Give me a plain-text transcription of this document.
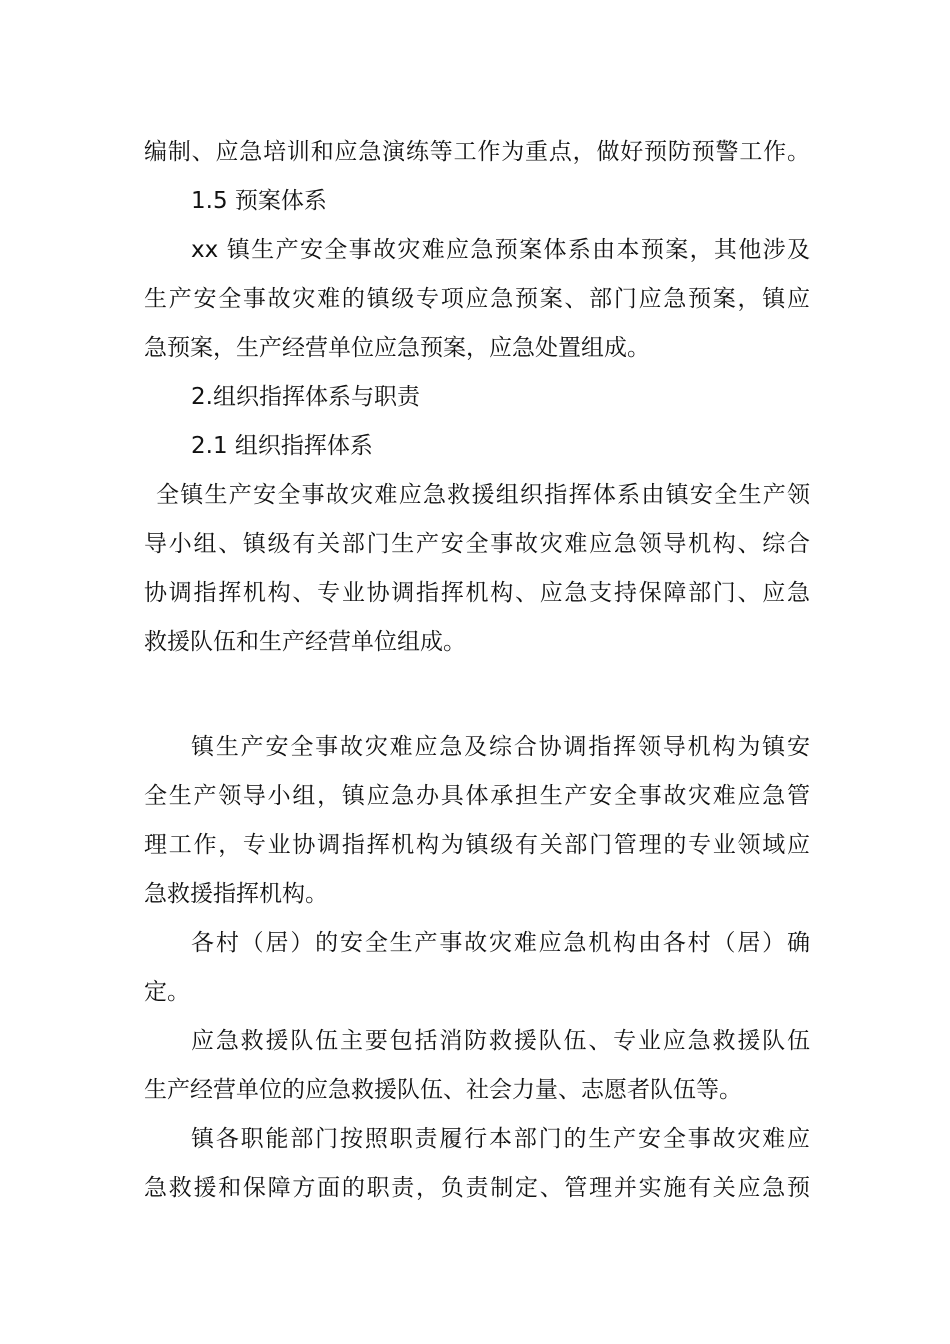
编制、应急培训和应急演练等工作为重点，做好预防预警工作。
1.5 预案体系
xx 镇生产安全事故灾难应急预案体系由本预案，其他涉及
生产安全事故灾难的镇级专项应急预案、部门应急预案，镇应
急预案，生产经营单位应急预案，应急处置组成。
2.组织指挥体系与职责
2.1 组织指挥体系
全镇生产安全事故灾难应急救援组织指挥体系由镇安全生产领
导小组、镇级有关部门生产安全事故灾难应急领导机构、综合
协调指挥机构、专业协调指挥机构、应急支持保障部门、应急
救援队伍和生产经营单位组成。
镇生产安全事故灾难应急及综合协调指挥领导机构为镇安
全生产领导小组，镇应急办具体承担生产安全事故灾难应急管
理工作，专业协调指挥机构为镇级有关部门管理的专业领域应
急救援指挥机构。
各村（居）的安全生产事故灾难应急机构由各村（居）确
定。
应急救援队伍主要包括消防救援队伍、专业应急救援队伍
生产经营单位的应急救援队伍、社会力量、志愿者队伍等。
镇各职能部门按照职责履行本部门的生产安全事故灾难应
急救援和保障方面的职责，负责制定、管理并实施有关应急预
